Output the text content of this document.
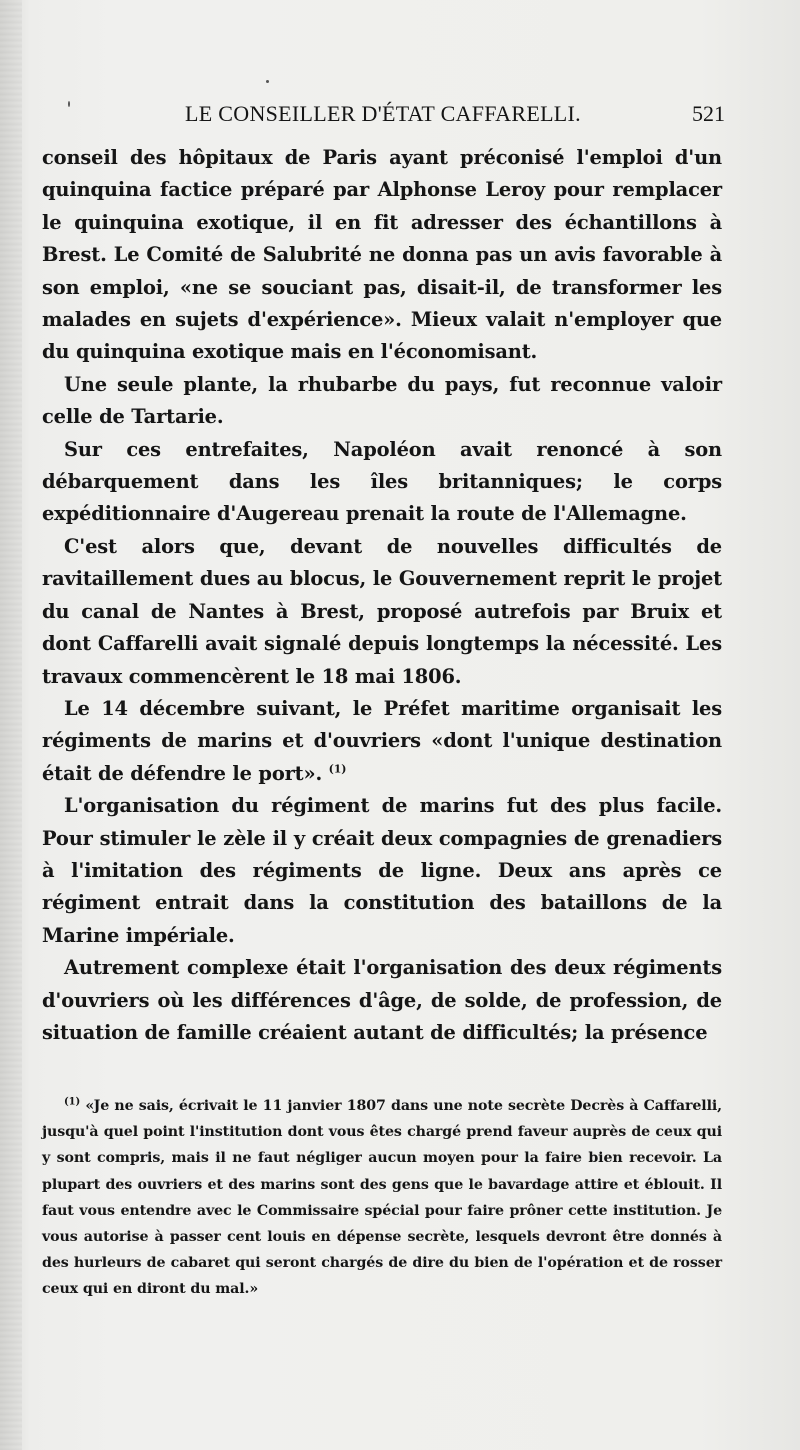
LE CONSEILLER D'ÉTAT CAFFARELLI.	521

conseil des hôpitaux de Paris ayant préconisé l'emploi d'un quinquina factice préparé par Alphonse Leroy pour remplacer le quinquina exotique, il en fit adresser des échantillons à Brest. Le Comité de Salubrité ne donna pas un avis favorable à son emploi, «ne se souciant pas, disait-il, de transformer les malades en sujets d'expérience». Mieux valait n'employer que du quinquina exotique mais en l'économisant.

Une seule plante, la rhubarbe du pays, fut reconnue valoir celle de Tartarie.

Sur ces entrefaites, Napoléon avait renoncé à son débarquement dans les îles britanniques; le corps expéditionnaire d'Augereau prenait la route de l'Allemagne.

C'est alors que, devant de nouvelles difficultés de ravitaillement dues au blocus, le Gouvernement reprit le projet du canal de Nantes à Brest, proposé autrefois par Bruix et dont Caffarelli avait signalé depuis longtemps la nécessité. Les travaux commencèrent le 18 mai 1806.

Le 14 décembre suivant, le Préfet maritime organisait les régiments de marins et d'ouvriers «dont l'unique destination était de défendre le port». $^{(1)}$

L'organisation du régiment de marins fut des plus facile. Pour stimuler le zèle il y créait deux compagnies de grenadiers à l'imitation des régiments de ligne. Deux ans après ce régiment entrait dans la constitution des bataillons de la Marine impériale.

Autrement complexe était l'organisation des deux régiments d'ouvriers où les différences d'âge, de solde, de profession, de situation de famille créaient autant de difficultés; la présence

$^{(1)}$ «Je ne sais, écrivait le 11 janvier 1807 dans une note secrète Decrès à Caffarelli, jusqu'à quel point l'institution dont vous êtes chargé prend faveur auprès de ceux qui y sont compris, mais il ne faut négliger aucun moyen pour la faire bien recevoir. La plupart des ouvriers et des marins sont des gens que le bavardage attire et éblouit. Il faut vous entendre avec le Commissaire spécial pour faire prôner cette institution. Je vous autorise à passer cent louis en dépense secrète, lesquels devront être donnés à des hurleurs de cabaret qui seront chargés de dire du bien de l'opération et de rosser ceux qui en diront du mal.»
